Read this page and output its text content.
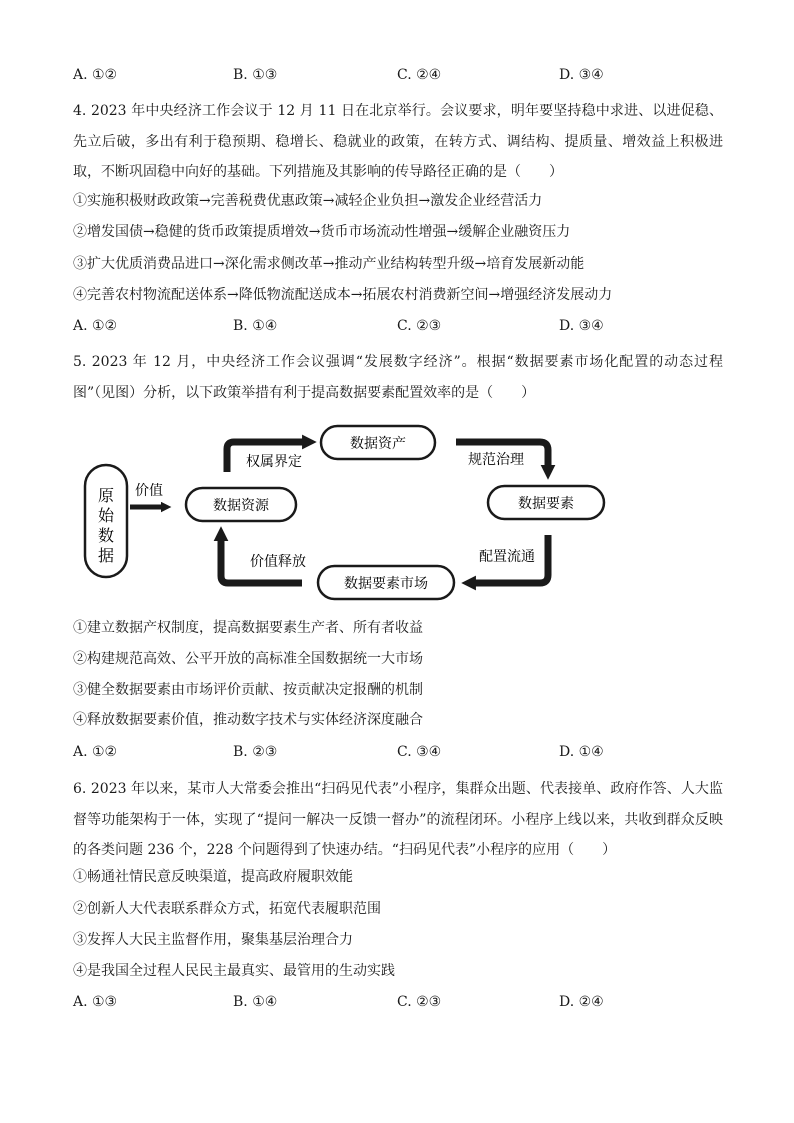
A. ①②	B. ①③	C. ②④	D. ③④
4. 2023 年中央经济工作会议于 12 月 11 日在北京举行。会议要求，明年要坚持稳中求进、以进促稳、先立后破，多出有利于稳预期、稳增长、稳就业的政策，在转方式、调结构、提质量、增效益上积极进取，不断巩固稳中向好的基础。下列措施及其影响的传导路径正确的是（　　）
①实施积极财政政策→完善税费优惠政策→减轻企业负担→激发企业经营活力
②增发国债→稳健的货币政策提质增效→货币市场流动性增强→缓解企业融资压力
③扩大优质消费品进口→深化需求侧改革→推动产业结构转型升级→培育发展新动能
④完善农村物流配送体系→降低物流配送成本→拓展农村消费新空间→增强经济发展动力
A. ①②	B. ①④	C. ②③	D. ③④
5. 2023 年 12 月，中央经济工作会议强调“发展数字经济”。根据“数据要素市场化配置的动态过程图”（见图）分析，以下政策举措有利于提高数据要素配置效率的是（　　）
原
始
数
据
价值
数据资源
数据资产
数据要素
数据要素市场
权属界定	规范治理
配置流通
价值释放
①建立数据产权制度，提高数据要素生产者、所有者收益
②构建规范高效、公平开放的高标准全国数据统一大市场
③健全数据要素由市场评价贡献、按贡献决定报酬的机制
④释放数据要素价值，推动数字技术与实体经济深度融合
A. ①②	B. ②③	C. ③④	D. ①④
6. 2023 年以来，某市人大常委会推出“扫码见代表”小程序，集群众出题、代表接单、政府作答、人大监督等功能架构于一体，实现了“提问一解决一反馈一督办”的流程闭环。小程序上线以来，共收到群众反映的各类问题 236 个，228 个问题得到了快速办结。“扫码见代表”小程序的应用（　　）
①畅通社情民意反映渠道，提高政府履职效能
②创新人大代表联系群众方式，拓宽代表履职范围
③发挥人大民主监督作用，聚集基层治理合力
④是我国全过程人民民主最真实、最管用的生动实践
A. ①③	B. ①④	C. ②③	D. ②④
